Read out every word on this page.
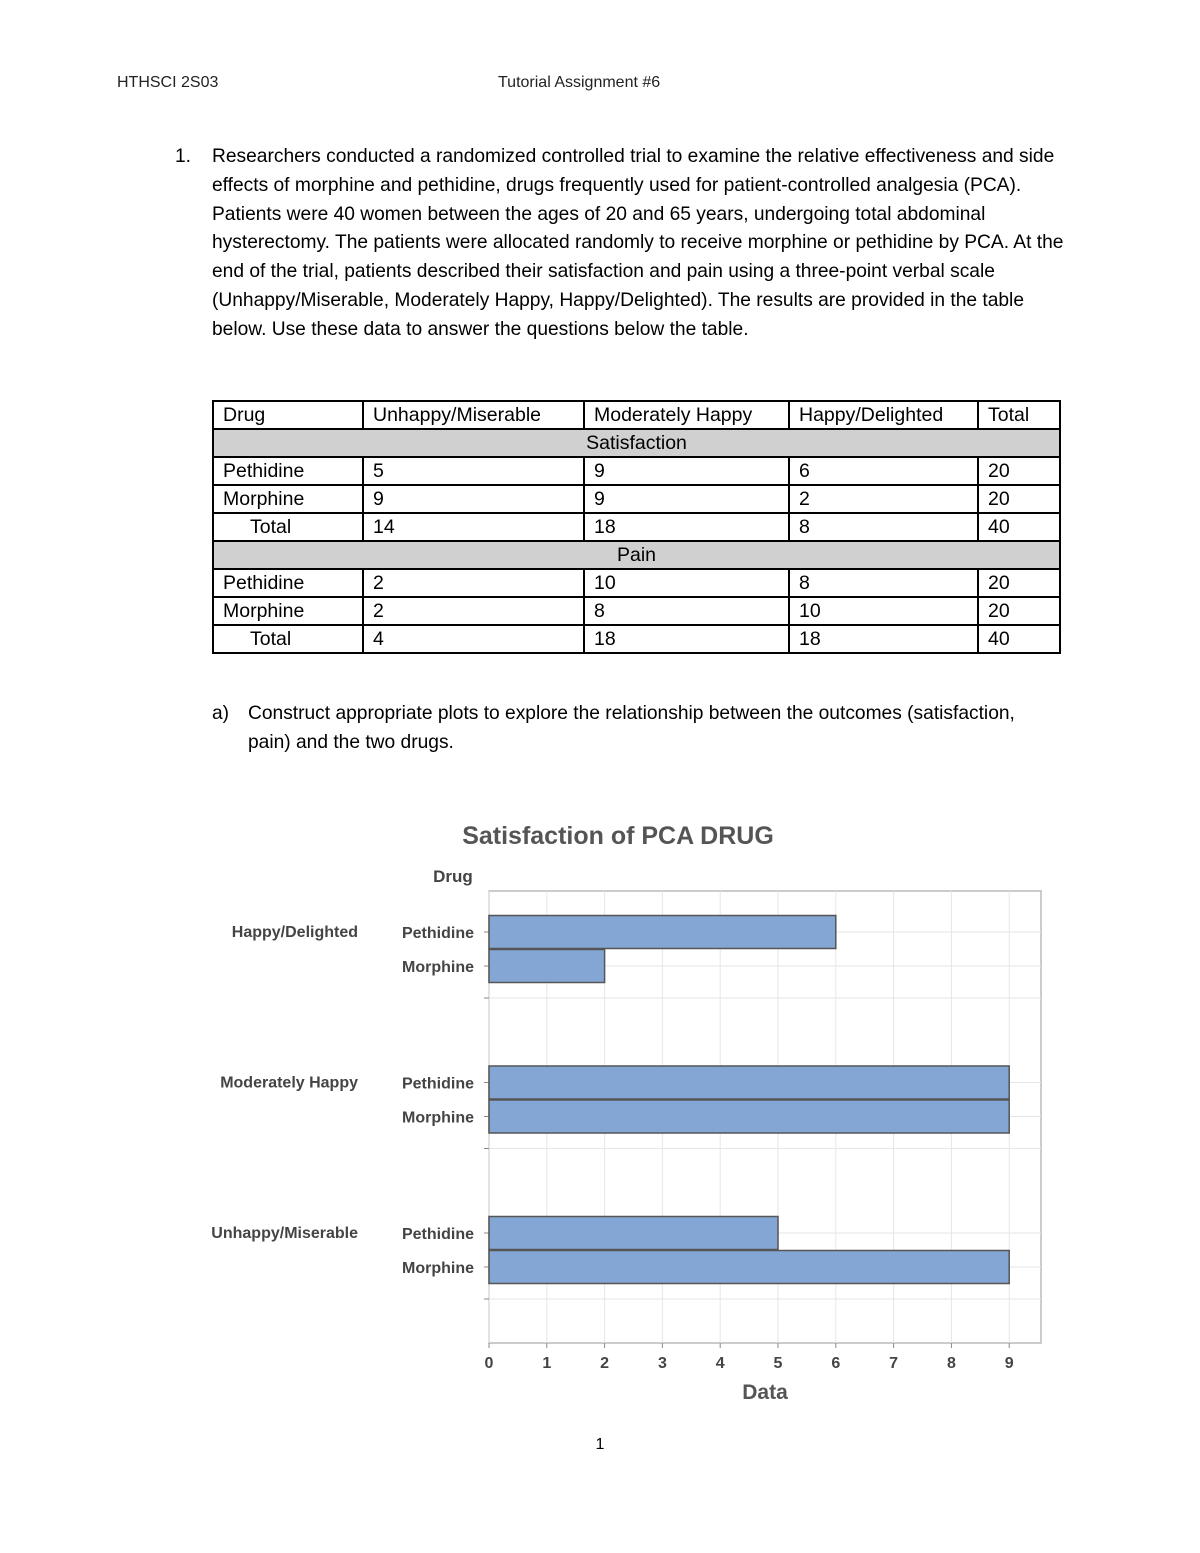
HTHSCI 2S03	Tutorial Assignment #6
1. Researchers conducted a randomized controlled trial to examine the relative effectiveness and side effects of morphine and pethidine, drugs frequently used for patient-controlled analgesia (PCA). Patients were 40 women between the ages of 20 and 65 years, undergoing total abdominal hysterectomy. The patients were allocated randomly to receive morphine or pethidine by PCA. At the end of the trial, patients described their satisfaction and pain using a three-point verbal scale (Unhappy/Miserable, Moderately Happy, Happy/Delighted). The results are provided in the table below. Use these data to answer the questions below the table.
Drug	Unhappy/Miserable	Moderately Happy	Happy/Delighted	Total
Satisfaction				
Pethidine	5	9	6	20
Morphine	9	9	2	20
Total	14	18	8	40
Pain				
Pethidine	2	10	8	20
Morphine	2	8	10	20
Total	4	18	18	40
a) Construct appropriate plots to explore the relationship between the outcomes (satisfaction, pain) and the two drugs.
Satisfaction of PCA DRUG
Drug
0	1	2	3	4	5	6	7	8	9
Data
Happy/Delighted	Pethidine
Morphine
Moderately Happy	Pethidine
Morphine
Unhappy/Miserable	Pethidine
Morphine
1
